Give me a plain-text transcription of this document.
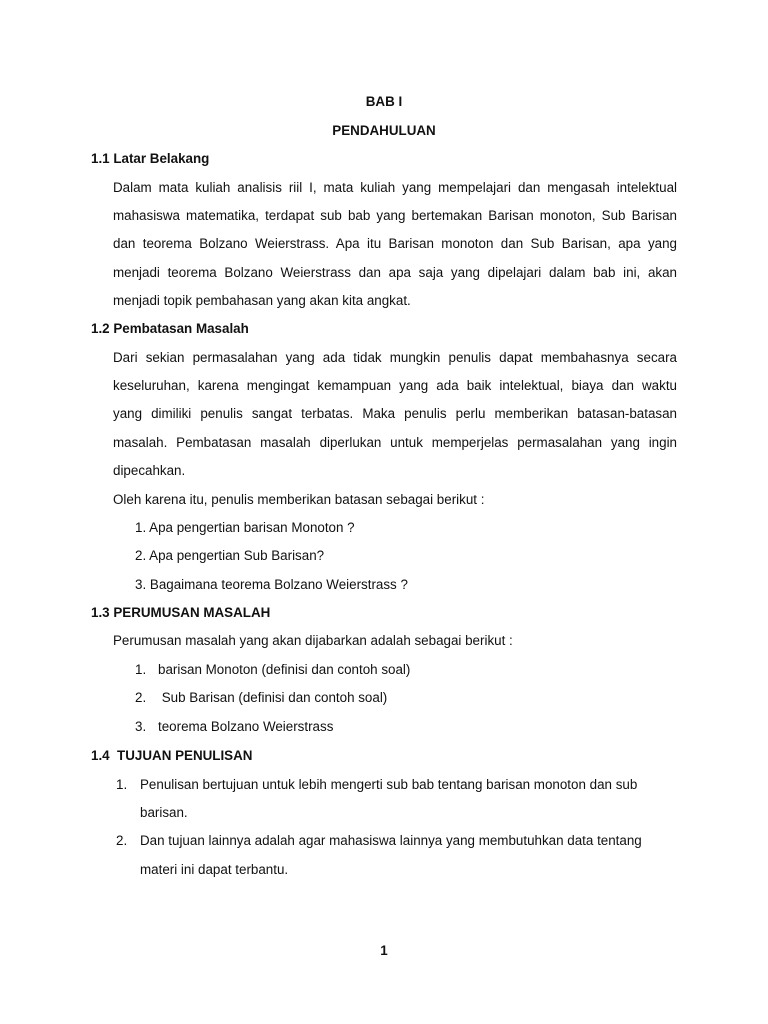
BAB I
PENDAHULUAN
1.1 Latar Belakang
Dalam mata kuliah analisis riil I, mata kuliah yang mempelajari dan mengasah intelektual
mahasiswa matematika, terdapat sub bab yang bertemakan Barisan monoton, Sub Barisan
dan teorema Bolzano Weierstrass. Apa itu Barisan monoton dan Sub Barisan, apa yang
menjadi teorema Bolzano Weierstrass dan apa saja yang dipelajari dalam bab ini, akan
menjadi topik pembahasan yang akan kita angkat.
1.2 Pembatasan Masalah
Dari sekian permasalahan yang ada tidak mungkin penulis dapat membahasnya secara
keseluruhan, karena mengingat kemampuan yang ada baik intelektual, biaya dan waktu
yang dimiliki penulis sangat terbatas. Maka penulis perlu memberikan batasan-batasan
masalah. Pembatasan masalah diperlukan untuk memperjelas permasalahan yang ingin
dipecahkan.
Oleh karena itu, penulis memberikan batasan sebagai berikut :
1. Apa pengertian barisan Monoton ?
2. Apa pengertian Sub Barisan?
3. Bagaimana teorema Bolzano Weierstrass ?
1.3 PERUMUSAN MASALAH
Perumusan masalah yang akan dijabarkan adalah sebagai berikut :
1. barisan Monoton (definisi dan contoh soal)
2. Sub Barisan (definisi dan contoh soal)
3. teorema Bolzano Weierstrass
1.4  TUJUAN PENULISAN
1. Penulisan bertujuan untuk lebih mengerti sub bab tentang barisan monoton dan sub
barisan.
2. Dan tujuan lainnya adalah agar mahasiswa lainnya yang membutuhkan data tentang
materi ini dapat terbantu.
1
